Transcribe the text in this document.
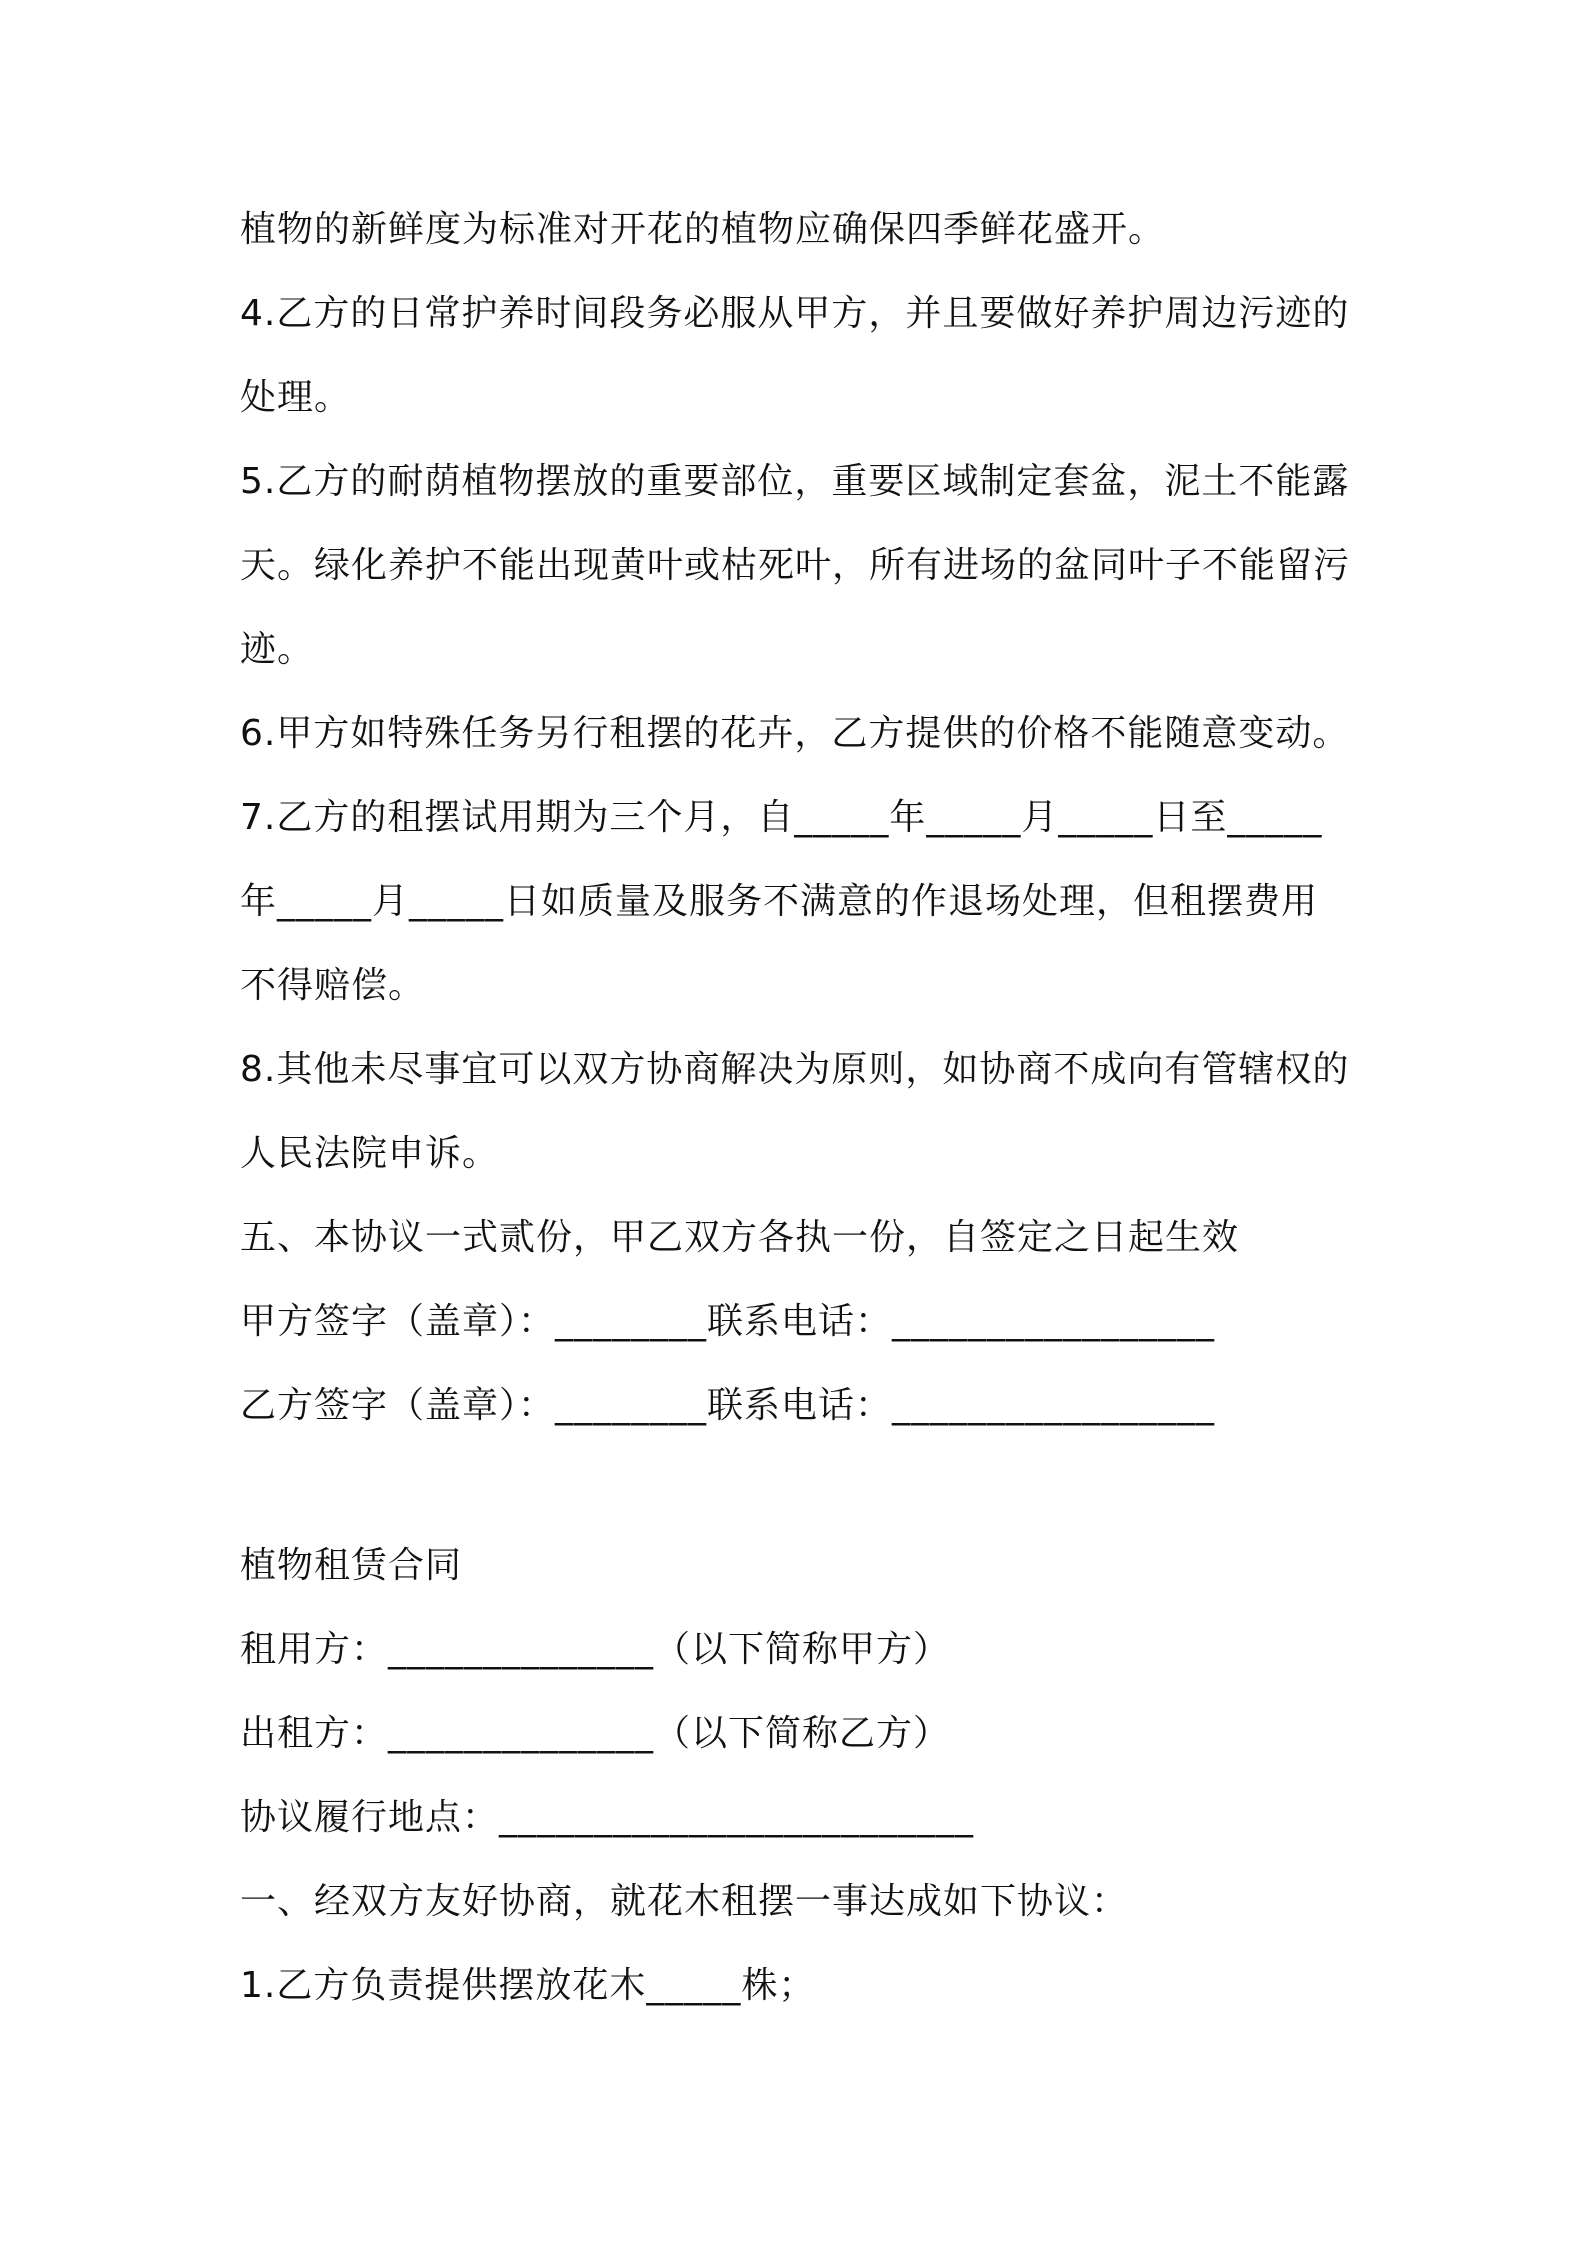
植物的新鲜度为标准对开花的植物应确保四季鲜花盛开。
4.乙方的日常护养时间段务必服从甲方，并且要做好养护周边污迹的
处理。
5.乙方的耐荫植物摆放的重要部位，重要区域制定套盆，泥土不能露
天。绿化养护不能出现黄叶或枯死叶，所有进场的盆同叶子不能留污
迹。
6.甲方如特殊任务另行租摆的花卉，乙方提供的价格不能随意变动。
7.乙方的租摆试用期为三个月，自_____年_____月_____日至_____
年_____月_____日如质量及服务不满意的作退场处理，但租摆费用
不得赔偿。
8.其他未尽事宜可以双方协商解决为原则，如协商不成向有管辖权的
人民法院申诉。
五、本协议一式贰份，甲乙双方各执一份，自签定之日起生效
甲方签字（盖章）：________联系电话：_________________
乙方签字（盖章）：________联系电话：_________________
植物租赁合同
租用方：______________（以下简称甲方）
出租方：______________（以下简称乙方）
协议履行地点：_________________________
一、经双方友好协商，就花木租摆一事达成如下协议：
1.乙方负责提供摆放花木_____株；
